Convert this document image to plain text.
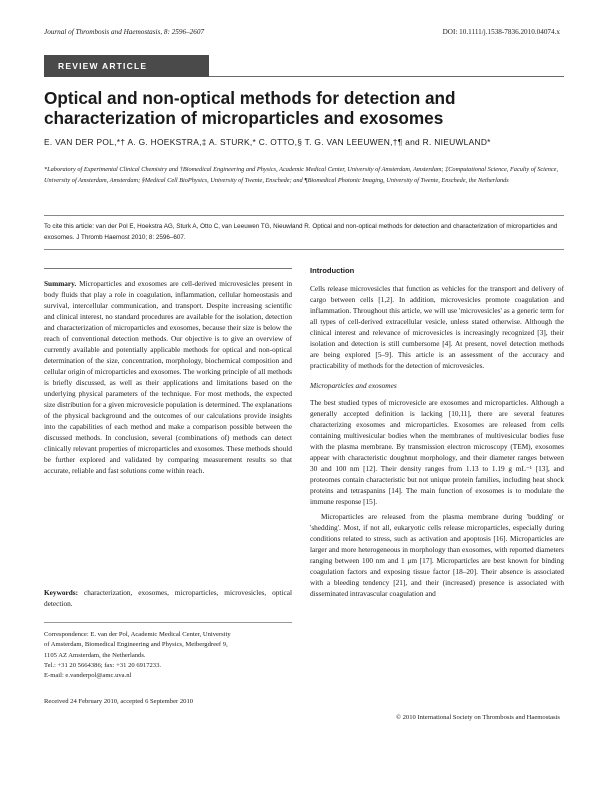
Journal of Thrombosis and Haemostasis, 8: 2596–2607	DOI: 10.1111/j.1538-7836.2010.04074.x
REVIEW ARTICLE
Optical and non-optical methods for detection and characterization of microparticles and exosomes
E. VAN DER POL,*† A. G. HOEKSTRA,‡ A. STURK,* C. OTTO,§ T. G. VAN LEEUWEN,†¶ and R. NIEUWLAND*
*Laboratory of Experimental Clinical Chemistry and †Biomedical Engineering and Physics, Academic Medical Center, University of Amsterdam, Amsterdam; ‡Computational Science, Faculty of Science, University of Amsterdam, Amsterdam; §Medical Cell BioPhysics, University of Twente, Enschede; and ¶Biomedical Photonic Imaging, University of Twente, Enschede, the Netherlands
To cite this article: van der Pol E, Hoekstra AG, Sturk A, Otto C, van Leeuwen TG, Nieuwland R. Optical and non-optical methods for detection and characterization of microparticles and exosomes. J Thromb Haemost 2010; 8: 2596–607.

Summary. Microparticles and exosomes are cell-derived microvesicles present in body fluids that play a role in coagulation, inflammation, cellular homeostasis and survival, intercellular communication, and transport. Despite increasing scientific and clinical interest, no standard procedures are available for the isolation, detection and characterization of microparticles and exosomes, because their size is below the reach of conventional detection methods. Our objective is to give an overview of currently available and potentially applicable methods for optical and non-optical determination of the size, concentration, morphology, biochemical composition and cellular origin of microparticles and exosomes. The working principle of all methods is briefly discussed, as well as their applications and limitations based on the underlying physical parameters of the technique. For most methods, the expected size distribution for a given microvesicle population is determined. The explanations of the physical background and the outcomes of our calculations provide insights into the capabilities of each method and make a comparison possible between the discussed methods. In conclusion, several (combinations of) methods can detect clinically relevant properties of microparticles and exosomes. These methods should be further explored and validated by comparing measurement results so that accurate, reliable and fast solutions come within reach.

Keywords: characterization, exosomes, microparticles, microvesicles, optical detection.
Correspondence: E. van der Pol, Academic Medical Center, University
of Amsterdam, Biomedical Engineering and Physics, Meibergdreef 9,
1105 AZ Amsterdam, the Netherlands.
Tel.: +31 20 5664386; fax: +31 20 6917233.
E-mail: e.vanderpol@amc.uva.nl
Received 24 February 2010, accepted 6 September 2010
Introduction

Cells release microvesicles that function as vehicles for the transport and delivery of cargo between cells [1,2]. In addition, microvesicles promote coagulation and inflammation. Throughout this article, we will use 'microvesicles' as a generic term for all types of cell-derived extracellular vesicle, unless stated otherwise. Although the clinical interest and relevance of microvesicles is increasingly recognized [3], their isolation and detection is still cumbersome [4]. At present, novel detection methods are being explored [5–9]. This article is an assessment of the accuracy and practicability of methods for the detection of microvesicles.

Microparticles and exosomes

The best studied types of microvesicle are exosomes and microparticles. Although a generally accepted definition is lacking [10,11], there are several features characterizing exosomes and microparticles. Exosomes are released from cells containing multivesicular bodies when the membranes of multivesicular bodies fuse with the plasma membrane. By transmission electron microscopy (TEM), exosomes appear with characteristic doughnut morphology, and their diameter ranges between 30 and 100 nm [12]. Their density ranges from 1.13 to 1.19 g mL⁻¹ [13], and proteomes contain characteristic but not unique protein families, including heat shock proteins and tetraspanins [14]. The main function of exosomes is to modulate the immune response [15].

Microparticles are released from the plasma membrane during 'budding' or 'shedding'. Most, if not all, eukaryotic cells release microparticles, especially during conditions related to stress, such as activation and apoptosis [16]. Microparticles are larger and more heterogeneous in morphology than exosomes, with reported diameters ranging between 100 nm and 1 μm [17]. Microparticles are best known for binding coagulation factors and exposing tissue factor [18–20]. Their absence is associated with a bleeding tendency [21], and their (increased) presence is associated with disseminated intravascular coagulation and

© 2010 International Society on Thrombosis and Haemostasis
